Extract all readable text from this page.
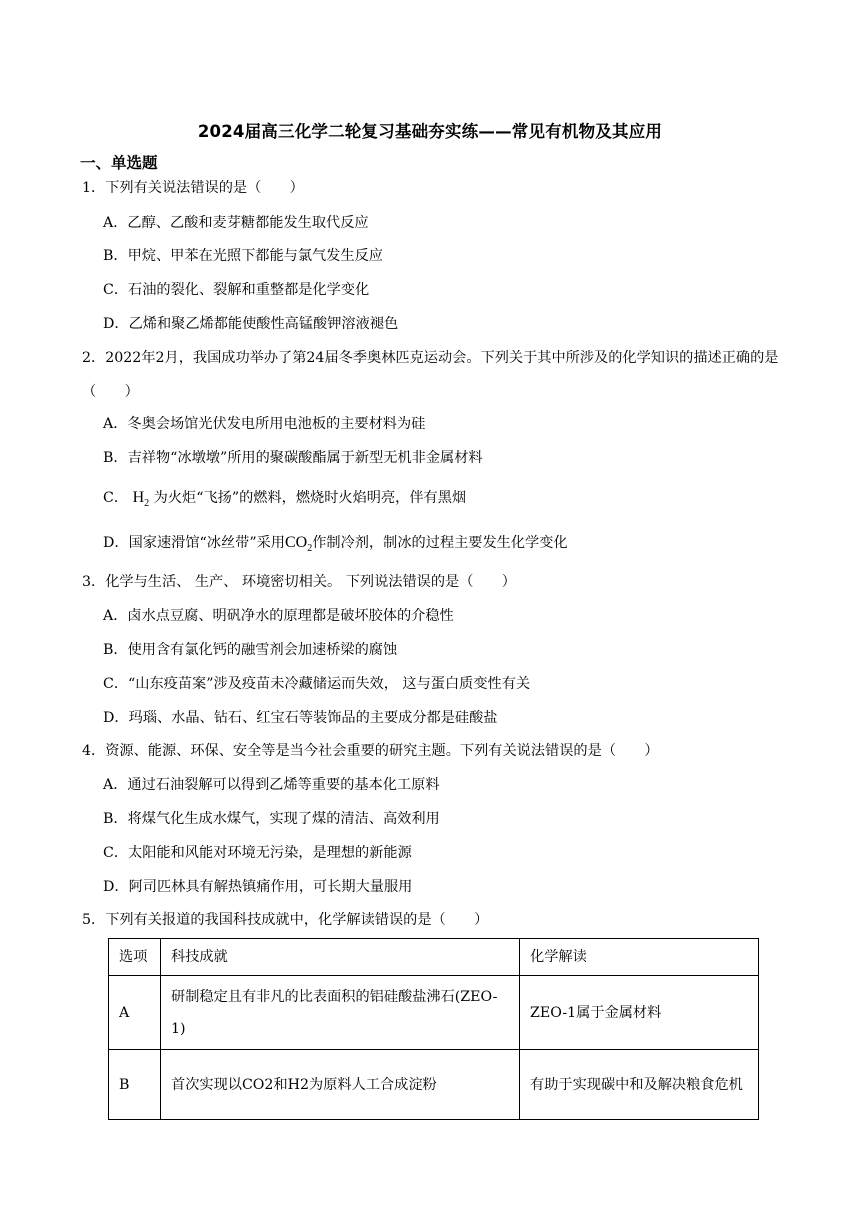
2024届高三化学二轮复习基础夯实练——常见有机物及其应用
一、单选题
1．下列有关说法错误的是（　　）
A．乙醇、乙酸和麦芽糖都能发生取代反应
B．甲烷、甲苯在光照下都能与氯气发生反应
C．石油的裂化、裂解和重整都是化学变化
D．乙烯和聚乙烯都能使酸性高锰酸钾溶液褪色
2．2022年2月，我国成功举办了第24届冬季奥林匹克运动会。下列关于其中所涉及的化学知识的描述正确的是（　　）
A．冬奥会场馆光伏发电所用电池板的主要材料为硅
B．吉祥物“冰墩墩”所用的聚碳酸酯属于新型无机非金属材料
C． $H_2$ 为火炬“飞扬”的燃料，燃烧时火焰明亮，伴有黑烟
D．国家速滑馆“冰丝带”采用$CO_2$作制冷剂，制冰的过程主要发生化学变化
3．化学与生活、 生产、 环境密切相关。 下列说法错误的是（　　）
A．卤水点豆腐、明矾净水的原理都是破坏胶体的介稳性
B．使用含有氯化钙的融雪剂会加速桥梁的腐蚀
C．“山东疫苗案”涉及疫苗未冷藏储运而失效， 这与蛋白质变性有关
D．玛瑙、水晶、钻石、红宝石等装饰品的主要成分都是硅酸盐
4．资源、能源、环保、安全等是当今社会重要的研究主题。下列有关说法错误的是（　　）
A．通过石油裂解可以得到乙烯等重要的基本化工原料
B．将煤气化生成水煤气，实现了煤的清洁、高效利用
C．太阳能和风能对环境无污染，是理想的新能源
D．阿司匹林具有解热镇痛作用，可长期大量服用
5．下列有关报道的我国科技成就中，化学解读错误的是（　　）
选项	科技成就	化学解读
A	研制稳定且有非凡的比表面积的铝硅酸盐沸石(ZEO-1)	ZEO-1属于金属材料
B	首次实现以CO2和H2为原料人工合成淀粉	有助于实现碳中和及解决粮食危机
